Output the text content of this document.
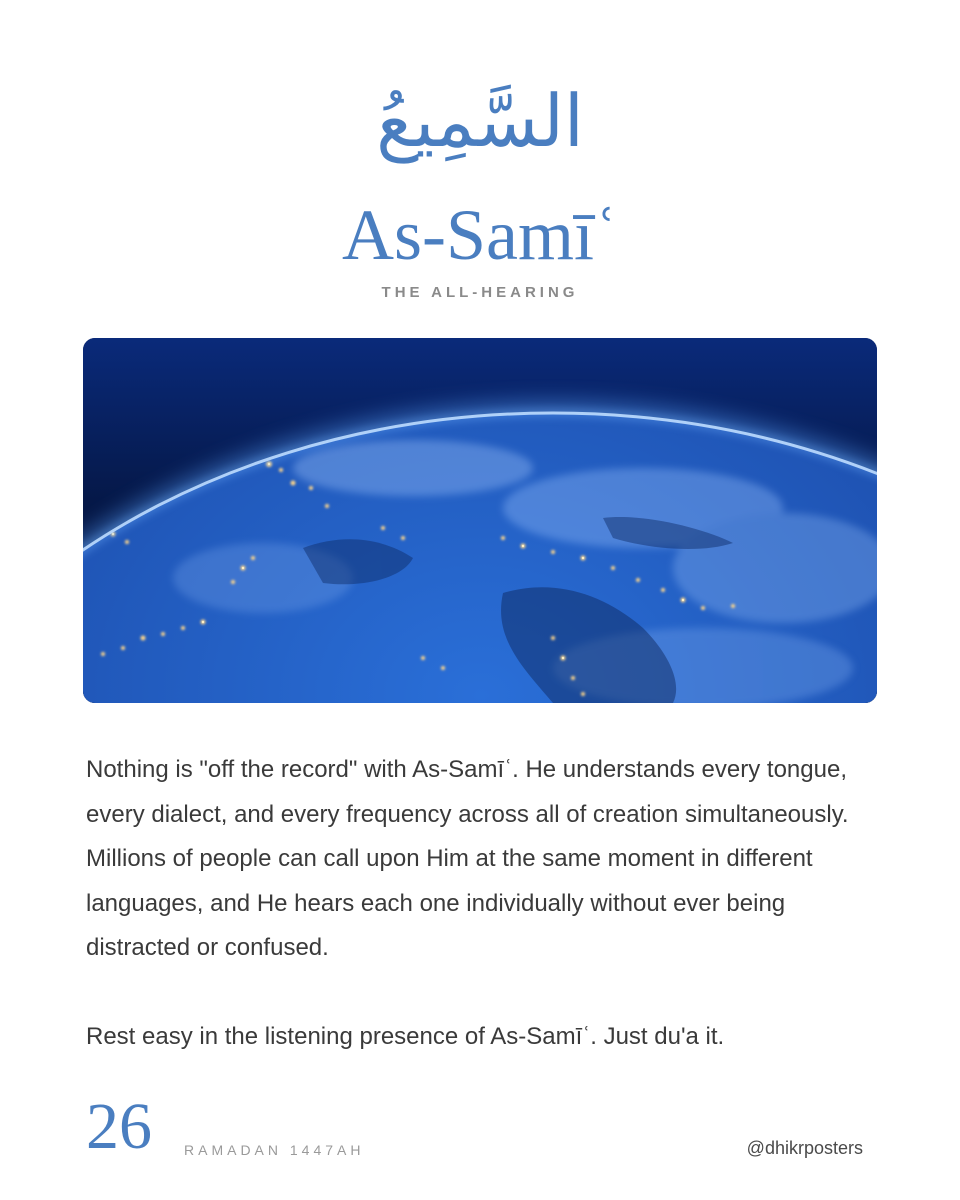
السَّمِيعُ
As-Samīʿ
THE ALL-HEARING

Nothing is "off the record" with As-Samīʿ. He understands every tongue, every dialect, and every frequency across all of creation simultaneously. Millions of people can call upon Him at the same moment in different languages, and He hears each one individually without ever being distracted or confused.

Rest easy in the listening presence of As-Samīʿ. Just du'a it.

26 RAMADAN 1447AH	@dhikrposters
